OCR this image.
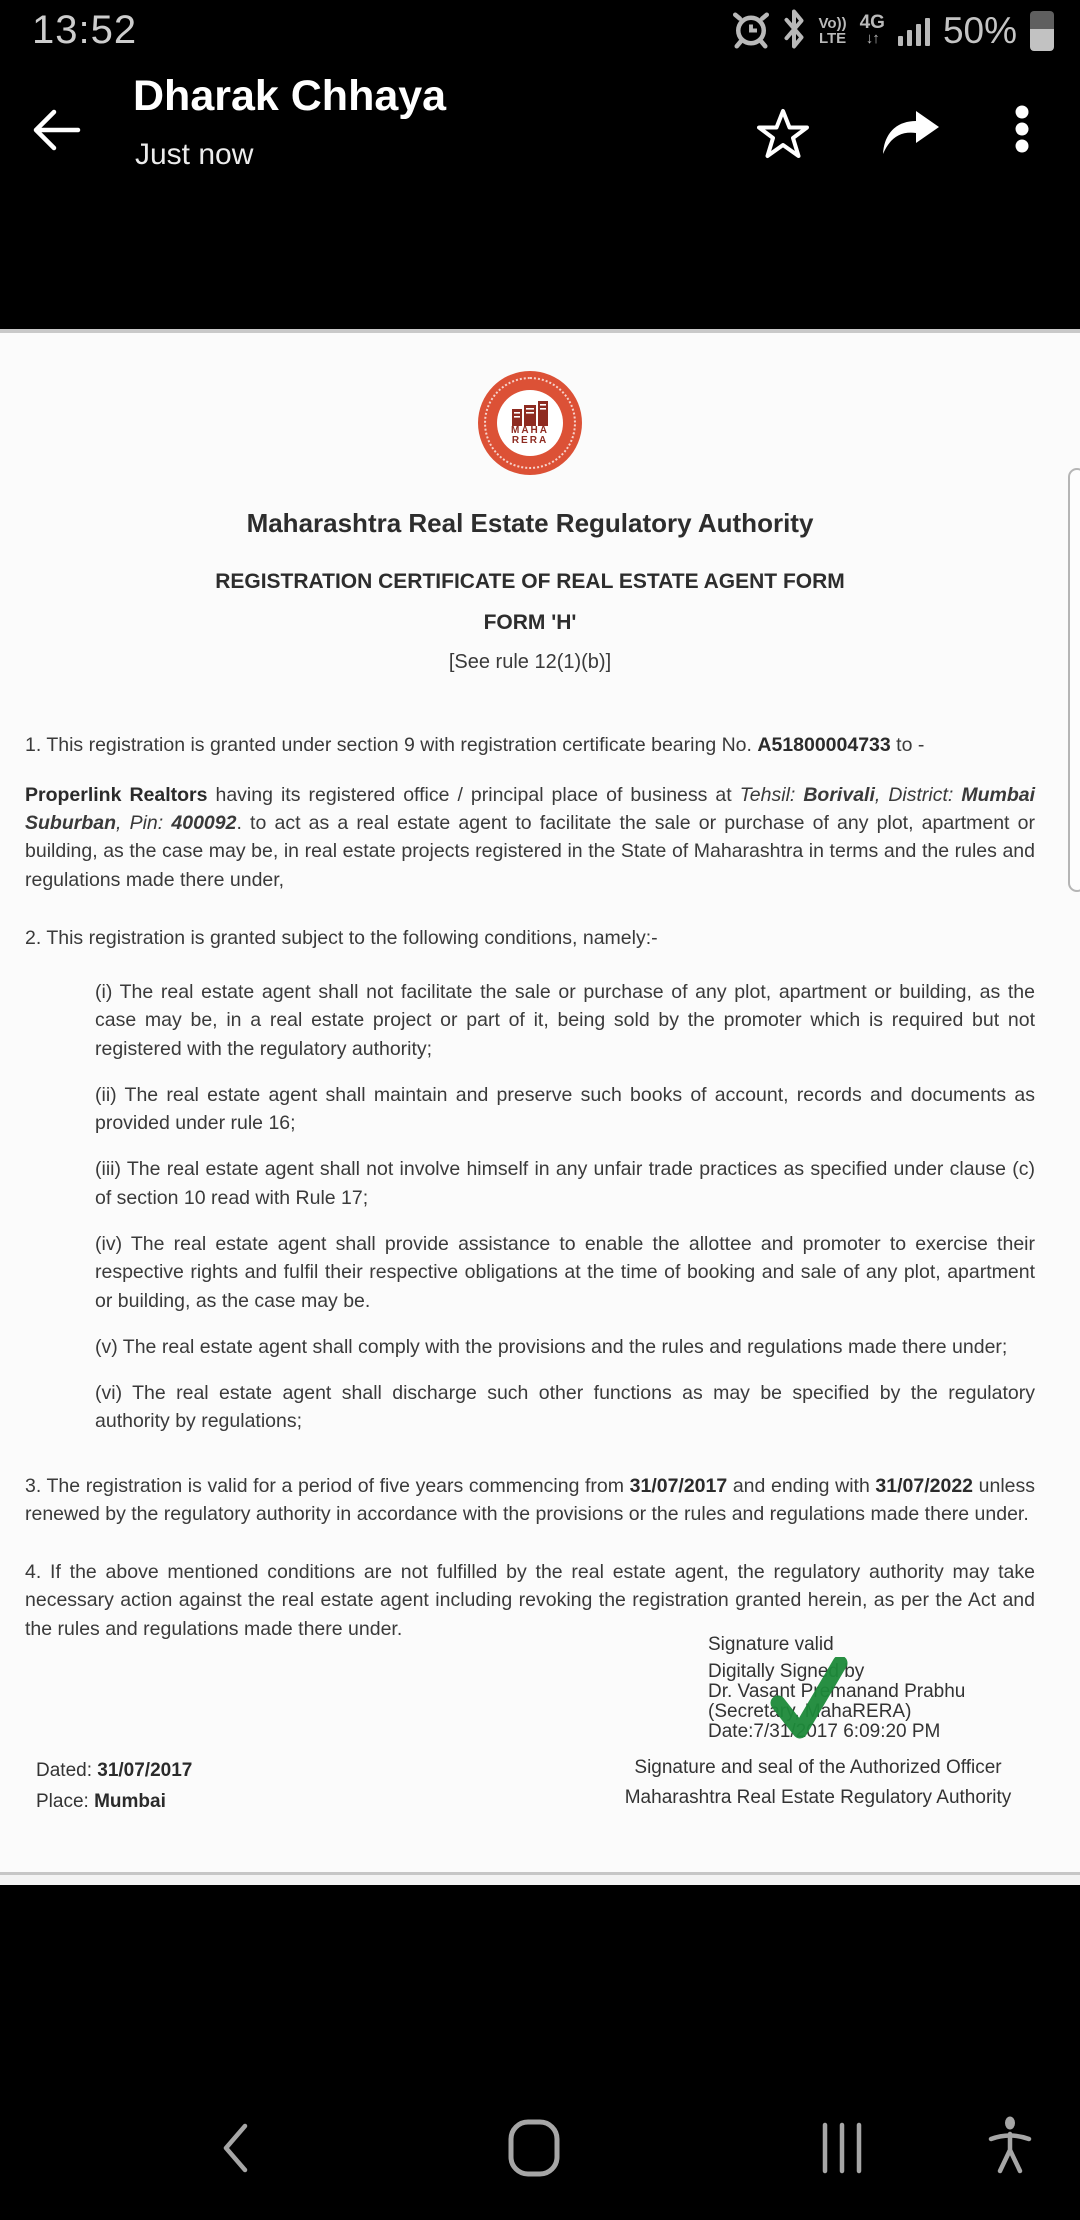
13:52	Vo))
LTE
4G
↓↑ 50%
Dharak Chhaya
Just now
MAHA
RERA
Maharashtra Real Estate Regulatory Authority
REGISTRATION CERTIFICATE OF REAL ESTATE AGENT FORM
FORM 'H'
[See rule 12(1)(b)]

1. This registration is granted under section 9 with registration certificate bearing No. A51800004733 to -

Properlink Realtors having its registered office / principal place of business at Tehsil: Borivali, District: Mumbai Suburban, Pin: 400092. to act as a real estate agent to facilitate the sale or purchase of any plot, apartment or building, as the case may be, in real estate projects registered in the State of Maharashtra in terms and the rules and regulations made there under,

2. This registration is granted subject to the following conditions, namely:-

(i) The real estate agent shall not facilitate the sale or purchase of any plot, apartment or building, as the case may be, in a real estate project or part of it, being sold by the promoter which is required but not registered with the regulatory authority;

(ii) The real estate agent shall maintain and preserve such books of account, records and documents as provided under rule 16;

(iii) The real estate agent shall not involve himself in any unfair trade practices as specified under clause (c) of section 10 read with Rule 17;

(iv) The real estate agent shall provide assistance to enable the allottee and promoter to exercise their respective rights and fulfil their respective obligations at the time of booking and sale of any plot, apartment or building, as the case may be.

(v) The real estate agent shall comply with the provisions and the rules and regulations made there under;

(vi) The real estate agent shall discharge such other functions as may be specified by the regulatory authority by regulations;

3. The registration is valid for a period of five years commencing from 31/07/2017 and ending with 31/07/2022 unless renewed by the regulatory authority in accordance with the provisions or the rules and regulations made there under.

4. If the above mentioned conditions are not fulfilled by the real estate agent, the regulatory authority may take necessary action against the real estate agent including revoking the registration granted herein, as per the Act and the rules and regulations made there under.

Signature valid
Digitally Signed by
Dr. Vasant Premanand Prabhu
(Secretary, MahaRERA)
Date:7/31/2017 6:09:20 PM
Dated: 31/07/2017
Place: Mumbai
Signature and seal of the Authorized Officer
Maharashtra Real Estate Regulatory Authority
